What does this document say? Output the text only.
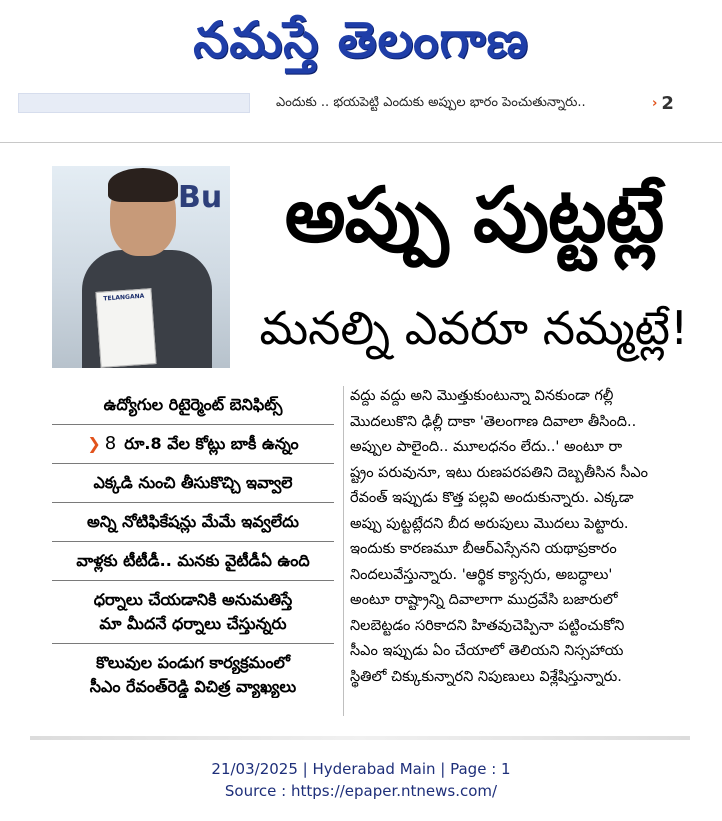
నమస్తే తెలంగాణ
ఎందుకు .. భయపెట్టి ఎందుకు అప్పుల భారం పెంచుతున్నారు..	› 2
Bu
TELANGANA
అప్పు పుట్టట్లే
మనల్ని ఎవరూ నమ్మట్లే!
ఉద్యోగుల రిటైర్మెంట్ బెనిఫిట్స్
❯ 8 రూ.8 వేల కోట్లు బాకీ ఉన్నం
ఎక్కడి నుంచి తీసుకొచ్చి ఇవ్వాలె
అన్ని నోటిఫికేషన్లు మేమే ఇవ్వలేదు
వాళ్లకు టీటీడీ.. మనకు వైటీడీఏ ఉంది
ధర్నాలు చేయడానికి అనుమతిస్తే
మా మీదనే ధర్నాలు చేస్తున్నరు
కొలువుల పండుగ కార్యక్రమంలో
సీఎం రేవంత్‌రెడ్డి విచిత్ర వ్యాఖ్యలు
వద్దు వద్దు అని మొత్తుకుంటున్నా వినకుండా గల్లీ
మొదలుకొని ఢిల్లీ దాకా 'తెలంగాణ దివాలా తీసింది..
అప్పుల పాలైంది.. మూలధనం లేదు..' అంటూ రా
ష్ట్రం పరువునూ, ఇటు రుణపరపతిని దెబ్బతీసిన సీఎం
రేవంత్ ఇప్పుడు కొత్త పల్లవి అందుకున్నారు. ఎక్కడా
అప్పు పుట్టట్లేదని బీద అరుపులు మొదలు పెట్టారు.
ఇందుకు కారణమూ బీఆర్ఎస్సేనని యథాప్రకారం
నిందలువేస్తున్నారు. 'ఆర్థిక క్యాన్సరు, అబద్ధాలు'
అంటూ రాష్ట్రాన్ని దివాలాగా ముద్రవేసి బజారులో
నిలబెట్టడం సరికాదని హితవుచెప్పినా పట్టించుకోని
సీఎం ఇప్పుడు ఏం చేయాలో తెలియని నిస్సహాయ
స్థితిలో చిక్కుకున్నారని నిపుణులు విశ్లేషిస్తున్నారు.
21/03/2025 | Hyderabad Main | Page : 1
Source : https://epaper.ntnews.com/
